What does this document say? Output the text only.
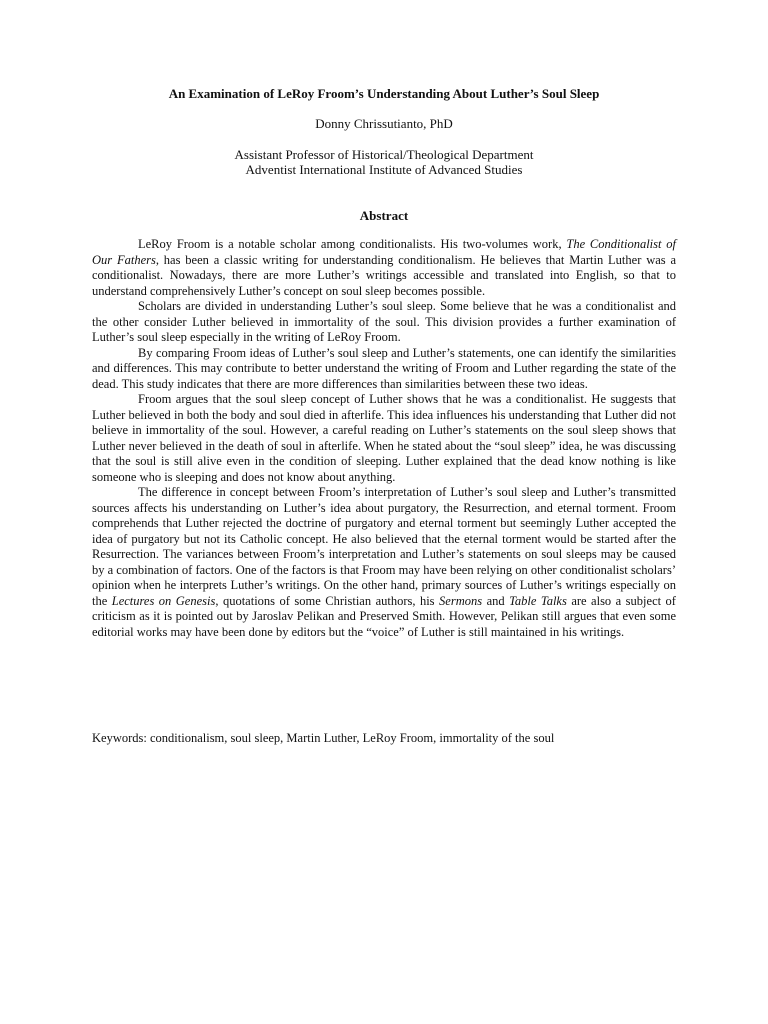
An Examination of LeRoy Froom’s Understanding About Luther’s Soul Sleep
Donny Chrissutianto, PhD
Assistant Professor of Historical/Theological Department
Adventist International Institute of Advanced Studies
Abstract

LeRoy Froom is a notable scholar among conditionalists. His two-volumes work, The Conditionalist of Our Fathers, has been a classic writing for understanding conditionalism. He believes that Martin Luther was a conditionalist. Nowadays, there are more Luther’s writings accessible and translated into English, so that to understand comprehensively Luther’s concept on soul sleep becomes possible.

Scholars are divided in understanding Luther’s soul sleep. Some believe that he was a conditionalist and the other consider Luther believed in immortality of the soul. This division provides a further examination of Luther’s soul sleep especially in the writing of LeRoy Froom.

By comparing Froom ideas of Luther’s soul sleep and Luther’s statements, one can identify the similarities and differences. This may contribute to better understand the writing of Froom and Luther regarding the state of the dead. This study indicates that there are more differences than similarities between these two ideas.

Froom argues that the soul sleep concept of Luther shows that he was a conditionalist. He suggests that Luther believed in both the body and soul died in afterlife. This idea influences his understanding that Luther did not believe in immortality of the soul. However, a careful reading on Luther’s statements on the soul sleep shows that Luther never believed in the death of soul in afterlife. When he stated about the “soul sleep” idea, he was discussing that the soul is still alive even in the condition of sleeping. Luther explained that the dead know nothing is like someone who is sleeping and does not know about anything.

The difference in concept between Froom’s interpretation of Luther’s soul sleep and Luther’s transmitted sources affects his understanding on Luther’s idea about purgatory, the Resurrection, and eternal torment. Froom comprehends that Luther rejected the doctrine of purgatory and eternal torment but seemingly Luther accepted the idea of purgatory but not its Catholic concept. He also believed that the eternal torment would be started after the Resurrection. The variances between Froom’s interpretation and Luther’s statements on soul sleeps may be caused by a combination of factors. One of the factors is that Froom may have been relying on other conditionalist scholars’ opinion when he interprets Luther’s writings. On the other hand, primary sources of Luther’s writings especially on the Lectures on Genesis, quotations of some Christian authors, his Sermons and Table Talks are also a subject of criticism as it is pointed out by Jaroslav Pelikan and Preserved Smith. However, Pelikan still argues that even some editorial works may have been done by editors but the “voice” of Luther is still maintained in his writings.

Keywords: conditionalism, soul sleep, Martin Luther, LeRoy Froom, immortality of the soul
